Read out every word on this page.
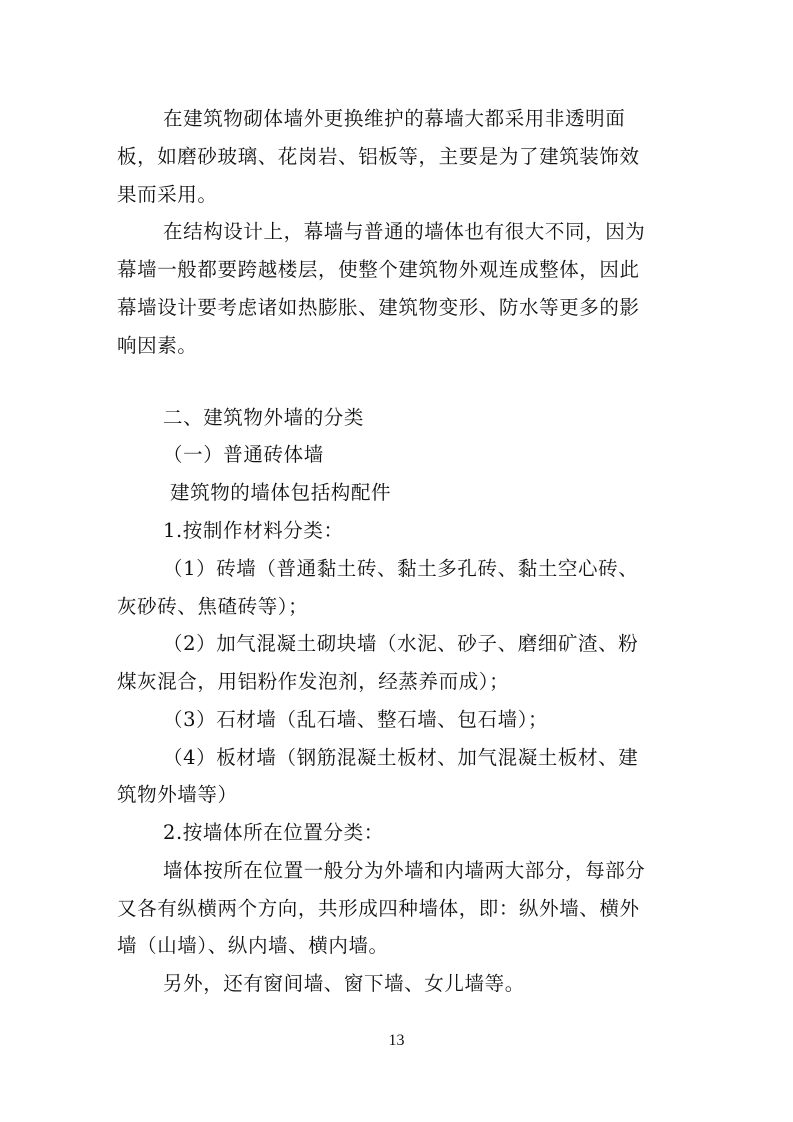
在建筑物砌体墙外更换维护的幕墙大都采用非透明面
板，如磨砂玻璃、花岗岩、铝板等，主要是为了建筑装饰效
果而采用。
在结构设计上，幕墙与普通的墙体也有很大不同，因为
幕墙一般都要跨越楼层，使整个建筑物外观连成整体，因此
幕墙设计要考虑诸如热膨胀、建筑物变形、防水等更多的影
响因素。
二、建筑物外墙的分类
（一）普通砖体墙
建筑物的墙体包括构配件
1.按制作材料分类：
（1）砖墙（普通黏土砖、黏土多孔砖、黏土空心砖、
灰砂砖、焦碴砖等）；
（2）加气混凝土砌块墙（水泥、砂子、磨细矿渣、粉
煤灰混合，用铝粉作发泡剂，经蒸养而成）；
（3）石材墙（乱石墙、整石墙、包石墙）；
（4）板材墙（钢筋混凝土板材、加气混凝土板材、建
筑物外墙等）
2.按墙体所在位置分类：
墙体按所在位置一般分为外墙和内墙两大部分，每部分
又各有纵横两个方向，共形成四种墙体，即：纵外墙、横外
墙（山墙）、纵内墙、横内墙。
另外，还有窗间墙、窗下墙、女儿墙等。
13
